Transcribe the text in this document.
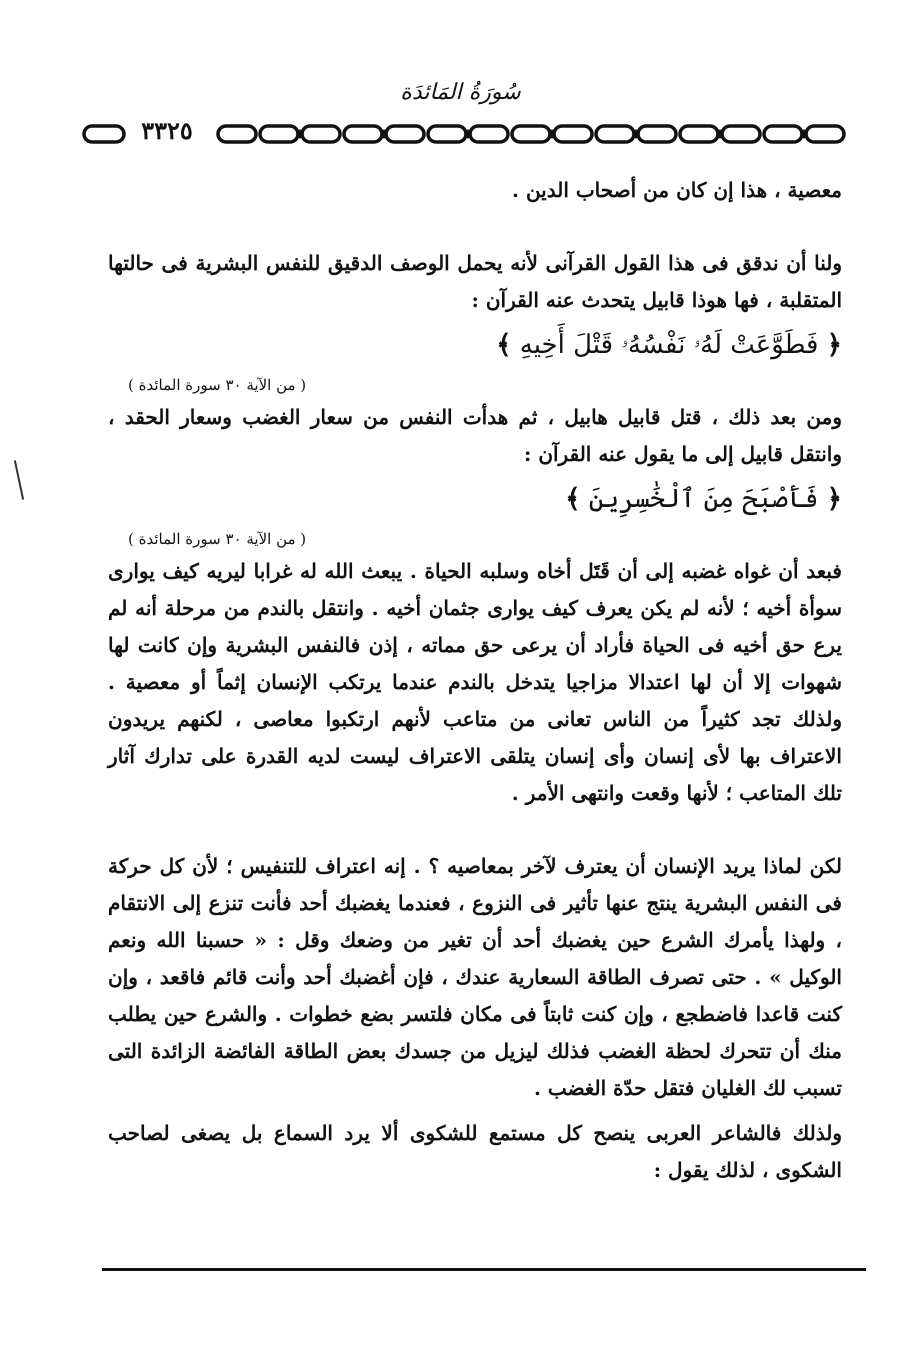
سُورَةُ المَائدَة
٣٣٢٥

معصية ، هذا إن كان من أصحاب الدين .

ولنا أن ندقق فى هذا القول القرآنى لأنه يحمل الوصف الدقيق للنفس البشرية فى حالتها المتقلبة ، فها هوذا قابيل يتحدث عنه القرآن :

﴿ فَطَوَّعَتْ لَهُۥ نَفْسُهُۥ قَتْلَ أَخِيهِ ﴾
( من الآية ٣٠ سورة المائدة )

ومن بعد ذلك ، قتل قابيل هابيل ، ثم هدأت النفس من سعار الغضب وسعار الحقد ، وانتقل قابيل إلى ما يقول عنه القرآن :

﴿ فَأَصْبَحَ مِنَ ٱلْخَٰسِرِينَ ﴾
( من الآية ٣٠ سورة المائدة )

فبعد أن غواه غضبه إلى أن قَتَل أخاه وسلبه الحياة . يبعث الله له غرابا ليريه كيف يوارى سوأة أخيه ؛ لأنه لم يكن يعرف كيف يوارى جثمان أخيه . وانتقل بالندم من مرحلة أنه لم يرع حق أخيه فى الحياة فأراد أن يرعى حق مماته ، إذن فالنفس البشرية وإن كانت لها شهوات إلا أن لها اعتدالا مزاجيا يتدخل بالندم عندما يرتكب الإنسان إثماً أو معصية . ولذلك تجد كثيراً من الناس تعانى من متاعب لأنهم ارتكبوا معاصى ، لكنهم يريدون الاعتراف بها لأى إنسان وأى إنسان يتلقى الاعتراف ليست لديه القدرة على تدارك آثار تلك المتاعب ؛ لأنها وقعت وانتهى الأمر .

لكن لماذا يريد الإنسان أن يعترف لآخر بمعاصيه ؟ . إنه اعتراف للتنفيس ؛ لأن كل حركة فى النفس البشرية ينتج عنها تأثير فى النزوع ، فعندما يغضبك أحد فأنت تنزع إلى الانتقام ، ولهذا يأمرك الشرع حين يغضبك أحد أن تغير من وضعك وقل : « حسبنا الله ونعم الوكيل » . حتى تصرف الطاقة السعارية عندك ، فإن أغضبك أحد وأنت قائم فاقعد ، وإن كنت قاعدا فاضطجع ، وإن كنت ثابتاً فى مكان فلتسر بضع خطوات . والشرع حين يطلب منك أن تتحرك لحظة الغضب فذلك ليزيل من جسدك بعض الطاقة الفائضة الزائدة التى تسبب لك الغليان فتقل حدّة الغضب .

ولذلك فالشاعر العربى ينصح كل مستمع للشكوى ألا يرد السماع بل يصغى لصاحب الشكوى ، لذلك يقول :
